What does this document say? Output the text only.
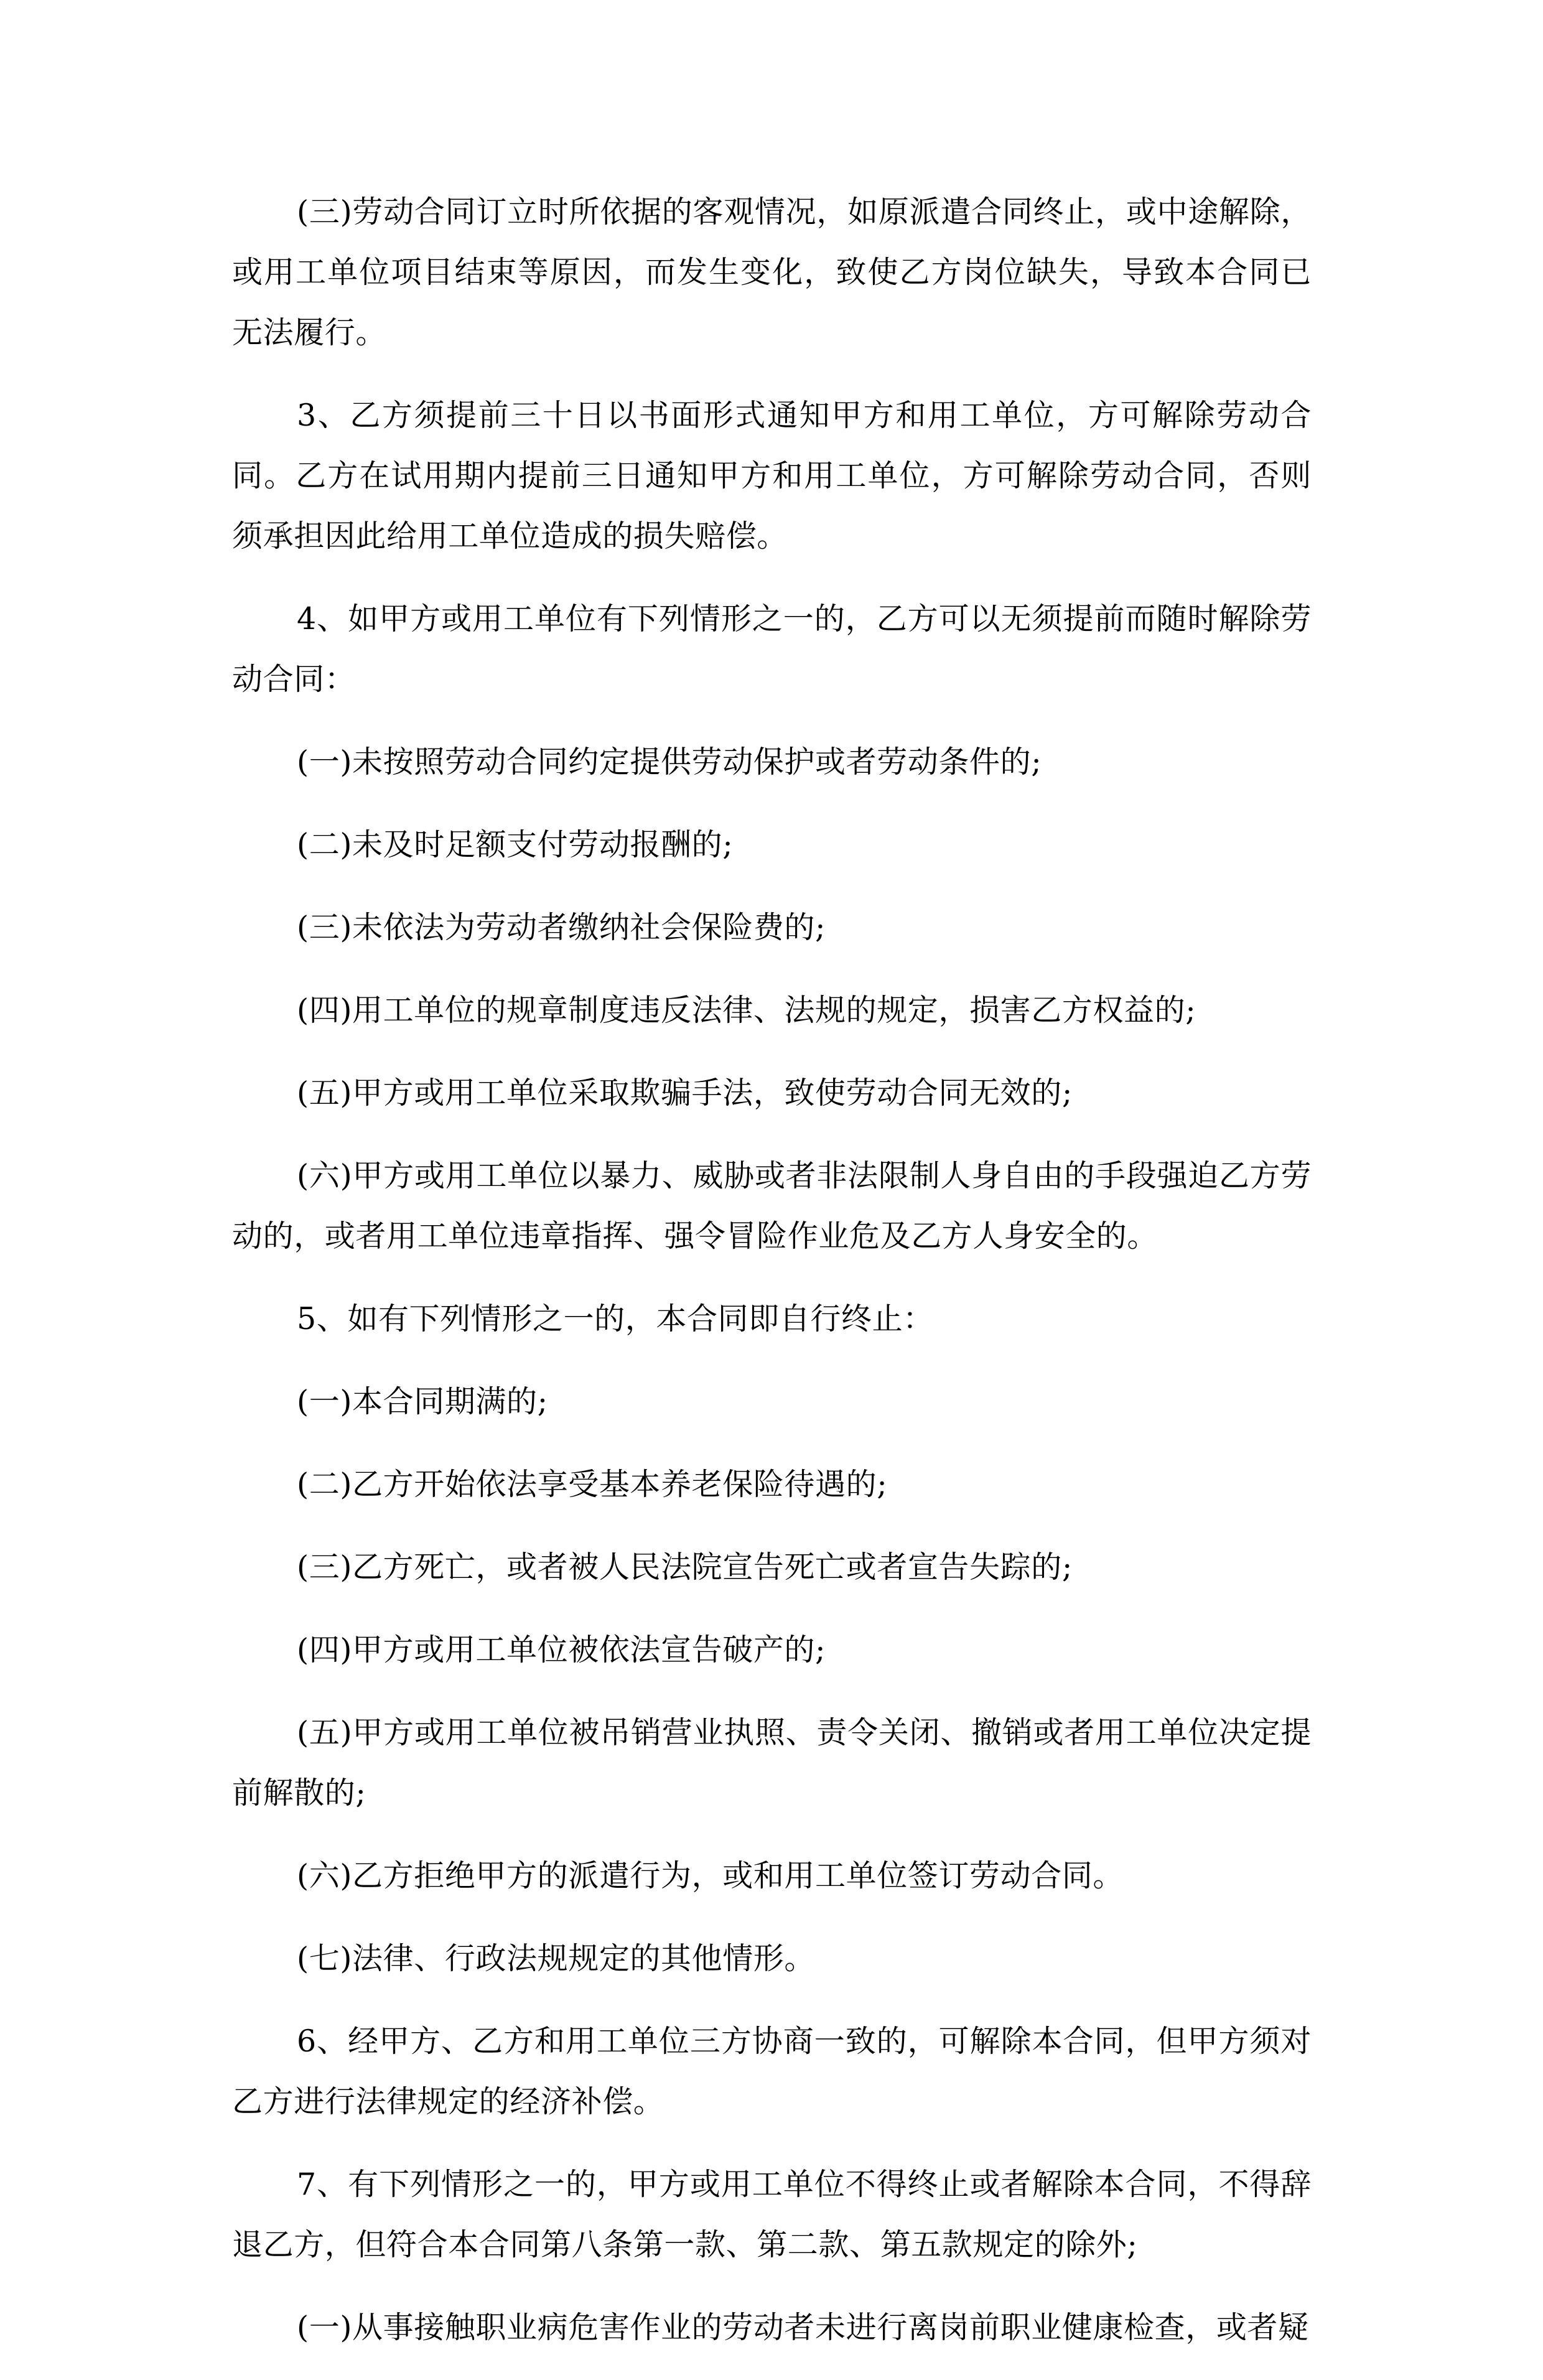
(三)劳动合同订立时所依据的客观情况，如原派遣合同终止，或中途解除，或用工单位项目结束等原因，而发生变化，致使乙方岗位缺失，导致本合同已无法履行。

3、乙方须提前三十日以书面形式通知甲方和用工单位，方可解除劳动合同。乙方在试用期内提前三日通知甲方和用工单位，方可解除劳动合同，否则须承担因此给用工单位造成的损失赔偿。

4、如甲方或用工单位有下列情形之一的，乙方可以无须提前而随时解除劳动合同：

(一)未按照劳动合同约定提供劳动保护或者劳动条件的;

(二)未及时足额支付劳动报酬的;

(三)未依法为劳动者缴纳社会保险费的;

(四)用工单位的规章制度违反法律、法规的规定，损害乙方权益的;

(五)甲方或用工单位采取欺骗手法，致使劳动合同无效的;

(六)甲方或用工单位以暴力、威胁或者非法限制人身自由的手段强迫乙方劳动的，或者用工单位违章指挥、强令冒险作业危及乙方人身安全的。

5、如有下列情形之一的，本合同即自行终止：

(一)本合同期满的;

(二)乙方开始依法享受基本养老保险待遇的;

(三)乙方死亡，或者被人民法院宣告死亡或者宣告失踪的;

(四)甲方或用工单位被依法宣告破产的;

(五)甲方或用工单位被吊销营业执照、责令关闭、撤销或者用工单位决定提前解散的;

(六)乙方拒绝甲方的派遣行为，或和用工单位签订劳动合同。

(七)法律、行政法规规定的其他情形。

6、经甲方、乙方和用工单位三方协商一致的，可解除本合同，但甲方须对乙方进行法律规定的经济补偿。

7、有下列情形之一的，甲方或用工单位不得终止或者解除本合同，不得辞退乙方，但符合本合同第八条第一款、第二款、第五款规定的除外;

(一)从事接触职业病危害作业的劳动者未进行离岗前职业健康检查，或者疑
